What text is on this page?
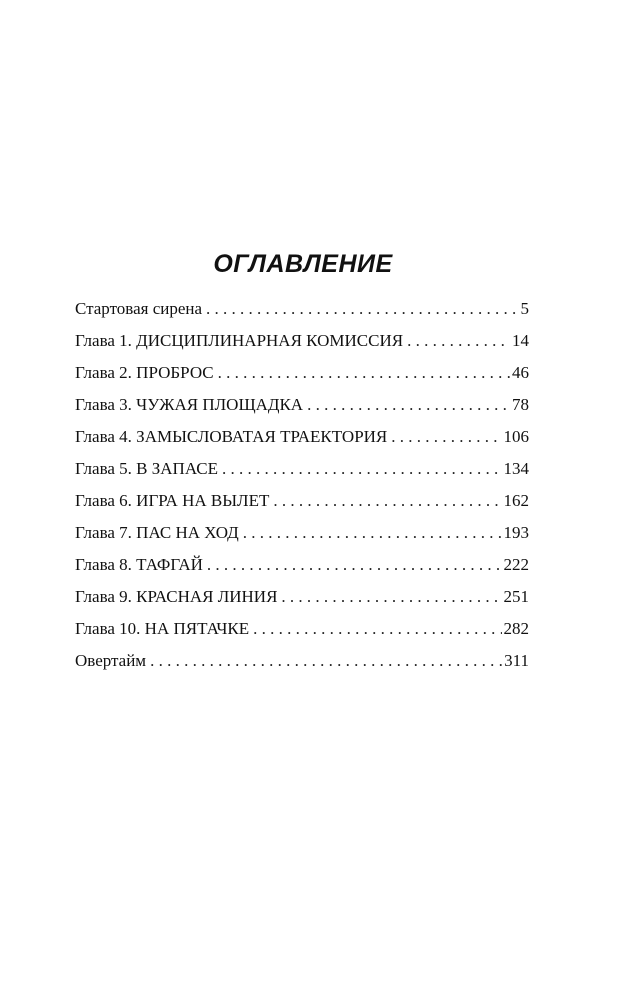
ОГЛАВЛЕНИЕ
Стартовая сирена . . .	5
Глава 1. ДИСЦИПЛИНАРНАЯ КОМИССИЯ . . .	14
Глава 2. ПРОБРОС . . .	46
Глава 3. ЧУЖАЯ ПЛОЩАДКА . . .	78
Глава 4. ЗАМЫСЛОВАТАЯ ТРАЕКТОРИЯ . . .	106
Глава 5. В ЗАПАСЕ . . .	134
Глава 6. ИГРА НА ВЫЛЕТ . . .	162
Глава 7. ПАС НА ХОД . . .	193
Глава 8. ТАФГАЙ . . .	222
Глава 9. КРАСНАЯ ЛИНИЯ . . .	251
Глава 10. НА ПЯТАЧКЕ . . .	282
Овертайм . . .	311
